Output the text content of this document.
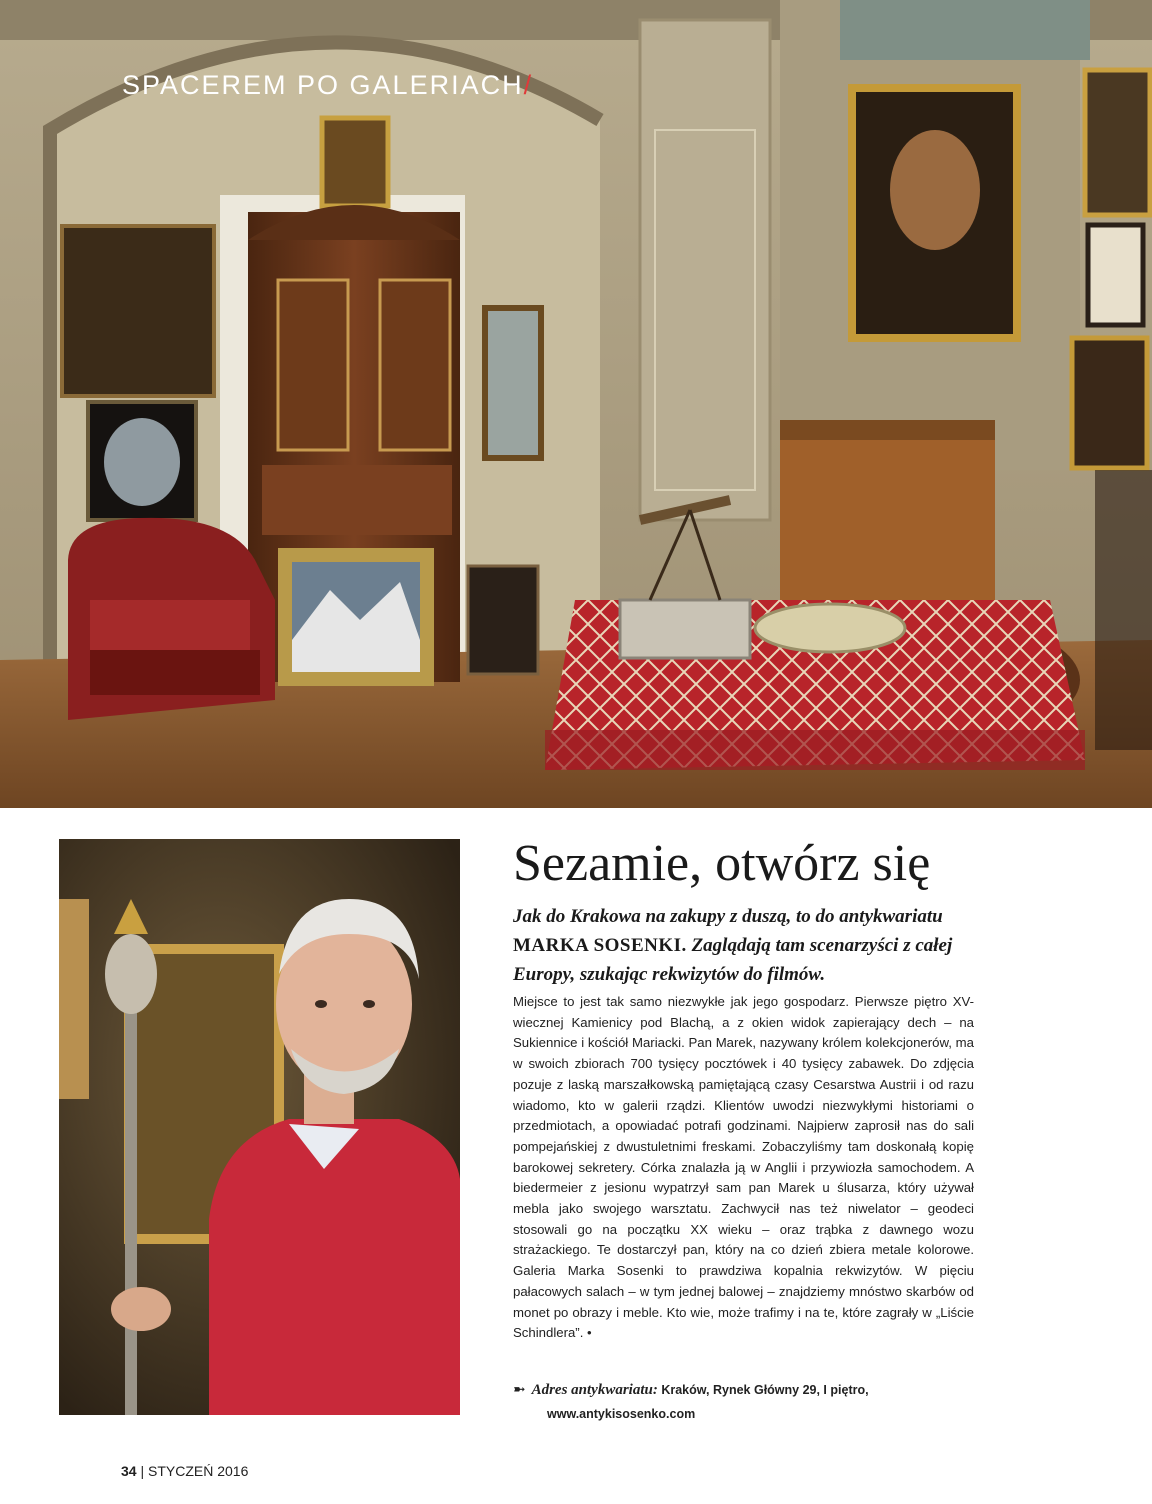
SPACEREM PO GALERIACH/
Sezamie, otwórz się
Jak do Krakowa na zakupy z duszą, to do antykwariatu MARKA SOSENKI. Zaglądają tam scenarzyści z całej Europy, szukając rekwizytów do filmów.
Miejsce to jest tak samo niezwykłe jak jego gospodarz. Pierwsze piętro XV-wiecznej Kamienicy pod Blachą, a z okien widok zapierający dech – na Sukiennice i kościół Mariacki. Pan Marek, nazywany królem kolekcjonerów, ma w swoich zbiorach 700 tysięcy pocztówek i 40 tysięcy zabawek. Do zdjęcia pozuje z laską marszałkowską pamiętającą czasy Cesarstwa Austrii i od razu wiadomo, kto w galerii rządzi. Klientów uwodzi niezwykłymi historiami o przedmiotach, a opowiadać potrafi godzinami. Najpierw zaprosił nas do sali pompejańskiej z dwustuletnimi freskami. Zobaczyliśmy tam doskonałą kopię barokowej sekretery. Córka znalazła ją w Anglii i przywiozła samochodem. A biedermeier z jesionu wypatrzył sam pan Marek u ślusarza, który używał mebla jako swojego warsztatu. Zachwycił nas też niwelator – geodeci stosowali go na początku XX wieku – oraz trąbka z dawnego wozu strażackiego. Te dostarczył pan, który na co dzień zbiera metale kolorowe. Galeria Marka Sosenki to prawdziwa kopalnia rekwizytów. W pięciu pałacowych salach – w tym jednej balowej – znajdziemy mnóstwo skarbów od monet po obrazy i meble. Kto wie, może trafimy i na te, które zagrały w „Liście Schindlera”. •
➼ Adres antykwariatu: Kraków, Rynek Główny 29, I piętro,
www.antykisosenko.com
34 | STYCZEŃ 2016
